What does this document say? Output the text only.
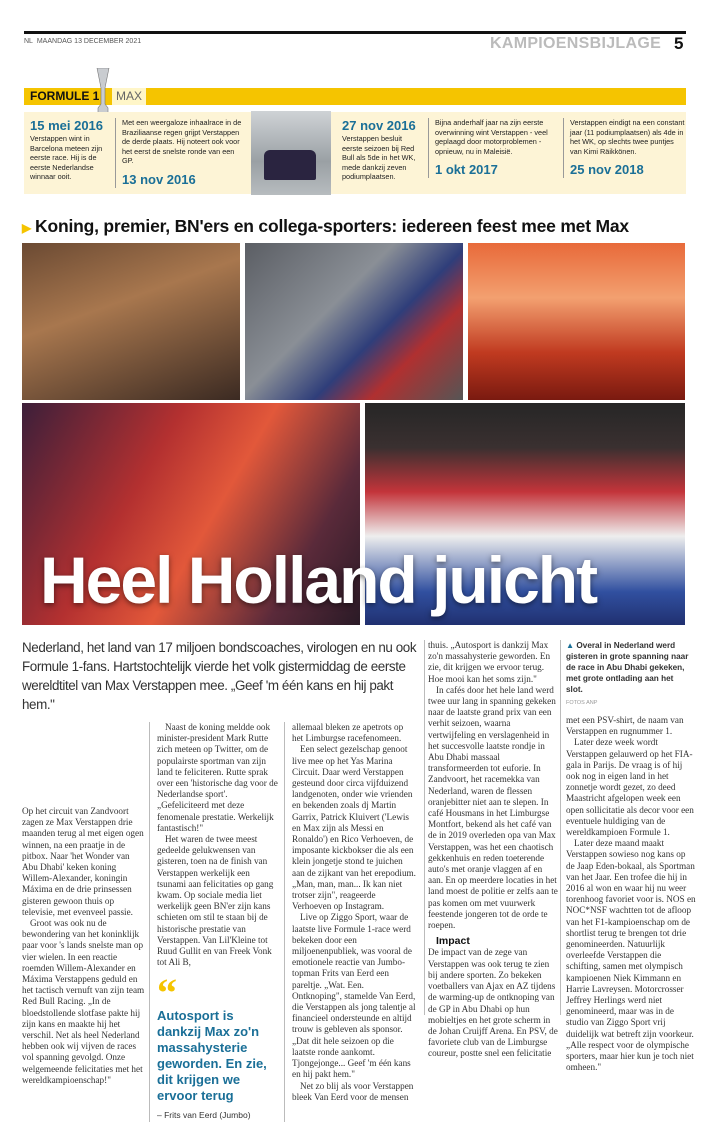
NL MAANDAG 13 DECEMBER 2021	KAMPIOENSBIJLAGE 5
FORMULE 1	MAX
15 mei 2016
Verstappen wint in Barcelona meteen zijn eerste race. Hij is de eerste Nederlandse winnaar ooit.
Met een weergaloze inhaalrace in de Braziliaanse regen grijpt Verstappen de derde plaats. Hij noteert ook voor het eerst de snelste ronde van een GP.
13 nov 2016
27 nov 2016
Verstappen besluit eerste seizoen bij Red Bull als 5de in het WK, mede dankzij zeven podiumplaatsen.
Bijna anderhalf jaar na zijn eerste overwinning wint Verstappen - veel geplaagd door motorproblemen - opnieuw, nu in Maleisië.
1 okt 2017
Verstappen eindigt na een constant jaar (11 podiumplaatsen) als 4de in het WK, op slechts twee puntjes van Kimi Räikkönen.
25 nov 2018
▶ Koning, premier, BN'ers en collega-sporters: iedereen feest mee met Max
Heel Holland juicht
Nederland, het land van 17 miljoen bondscoaches, virologen en nu ook Formule 1-fans. Hartstochtelijk vierde het volk gistermiddag de eerste wereldtitel van Max Verstappen mee. „Geef 'm één kans en hij pakt hem."

Op het circuit van Zandvoort zagen ze Max Verstappen drie maanden terug al met eigen ogen winnen, na een praatje in de pitbox. Naar 'het Wonder van Abu Dhabi' keken koning Willem-Alexander, koningin Máxima en de drie prinsessen gisteren gewoon thuis op televisie, met evenveel passie.

Groot was ook nu de bewondering van het koninklijk paar voor 's lands snelste man op vier wielen. In een reactie roemden Willem-Alexander en Máxima Verstappens geduld en het tactisch vernuft van zijn team Red Bull Racing. „In de bloedstollende slotfase pakte hij zijn kans en maakte hij het verschil. Net als heel Nederland hebben ook wij vijven de races vol spanning gevolgd. Onze welgemeende felicitaties met het wereldkampioenschap!"

Naast de koning meldde ook minister-president Mark Rutte zich meteen op Twitter, om de populairste sportman van zijn land te feliciteren. Rutte sprak over een 'historische dag voor de Nederlandse sport'. „Gefeliciteerd met deze fenomenale prestatie. Werkelijk fantastisch!"

Het waren de twee meest gedeelde gelukwensen van gisteren, toen na de finish van Verstappen werkelijk een tsunami aan felicitaties op gang kwam. Op sociale media liet werkelijk geen BN'er zijn kans schieten om stil te staan bij de historische prestatie van Verstappen. Van Lil'Kleine tot Ruud Gullit en van Freek Vonk tot Ali B,

“
Autosport is dankzij Max zo'n massahysterie geworden. En zie, dit krijgen we ervoor terug
– Frits van Eerd (Jumbo)

allemaal bleken ze apetrots op het Limburgse racefenomeen.

Een select gezelschap genoot live mee op het Yas Marina Circuit. Daar werd Verstappen gesteund door circa vijfduizend landgenoten, onder wie vrienden en bekenden zoals dj Martin Garrix, Patrick Kluivert ('Lewis en Max zijn als Messi en Ronaldo') en Rico Verhoeven, de imposante kickbokser die als een klein jongetje stond te juichen aan de zijkant van het erepodium. „Man, man, man... Ik kan niet trotser zijn", reageerde Verhoeven op Instagram.

Live op Ziggo Sport, waar de laatste live Formule 1-race werd bekeken door een miljoenenpubliek, was vooral de emotionele reactie van Jumbo-topman Frits van Eerd een pareltje. „Wat. Een. Ontknoping", stamelde Van Eerd, die Verstappen als jong talentje al financieel ondersteunde en altijd trouw is gebleven als sponsor. „Dat dit hele seizoen op die laatste ronde aankomt. Tjongejonge... Geef 'm één kans en hij pakt hem."

Net zo blij als voor Verstappen bleek Van Eerd voor de mensen

thuis. „Autosport is dankzij Max zo'n massahysterie geworden. En zie, dit krijgen we ervoor terug. Hoe mooi kan het soms zijn."

In cafés door het hele land werd twee uur lang in spanning gekeken naar de laatste grand prix van een verhit seizoen, waarna vertwijfeling en verslagenheid in het succesvolle laatste rondje in Abu Dhabi massaal transformeerden tot euforie. In Zandvoort, het racemekka van Nederland, waren de flessen oranjebitter niet aan te slepen. In café Housmans in het Limburgse Montfort, bekend als het café van de in 2019 overleden opa van Max Verstappen, was het een chaotisch gekkenhuis en reden toeterende auto's met oranje vlaggen af en aan. En op meerdere locaties in het land moest de politie er zelfs aan te pas komen om met vuurwerk feestende jongeren tot de orde te roepen.

Impact

De impact van de zege van Verstappen was ook terug te zien bij andere sporten. Zo bekeken voetballers van Ajax en AZ tijdens de warming-up de ontknoping van de GP in Abu Dhabi op hun mobieltjes en het grote scherm in de Johan Cruijff Arena. En PSV, de favoriete club van de Limburgse coureur, postte snel een felicitatie

▲ Overal in Nederland werd gisteren in grote spanning naar de race in Abu Dhabi gekeken, met grote ontlading aan het slot.
FOTOS ANP

met een PSV-shirt, de naam van Verstappen en rugnummer 1.

Later deze week wordt Verstappen gelauwerd op het FIA-gala in Parijs. De vraag is of hij ook nog in eigen land in het zonnetje wordt gezet, zo deed Maastricht afgelopen week een open sollicitatie als decor voor een eventuele huldiging van de wereldkampioen Formule 1.

Later deze maand maakt Verstappen sowieso nog kans op de Jaap Eden-bokaal, als Sportman van het Jaar. Een trofee die hij in 2016 al won en waar hij nu weer torenhoog favoriet voor is. NOS en NOC*NSF wachtten tot de afloop van het F1-kampioenschap om de shortlist terug te brengen tot drie genomineerden. Natuurlijk overleefde Verstappen die schifting, samen met olympisch kampioenen Niek Kimmann en Harrie Lavreysen. Motorcrosser Jeffrey Herlings werd niet genomineerd, maar was in de studio van Ziggo Sport vrij duidelijk wat betreft zijn voorkeur. „Alle respect voor de olympische sporters, maar hier kun je toch niet omheen."
